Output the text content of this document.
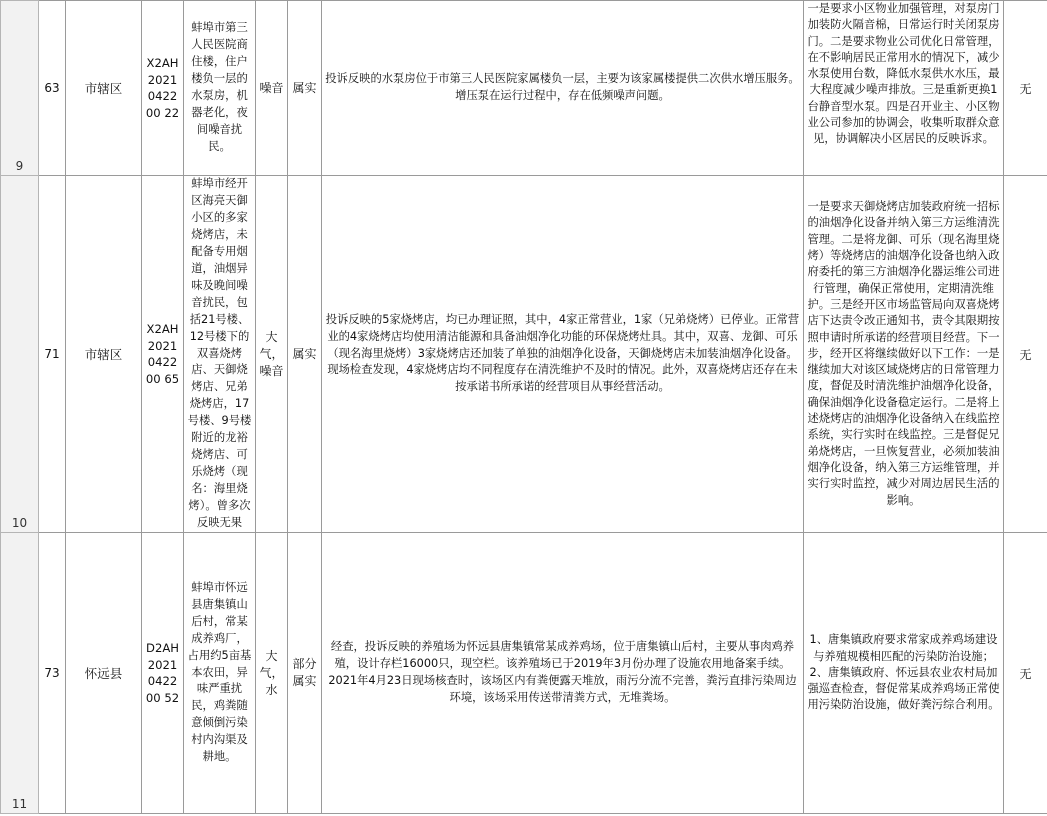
9	63	市辖区	X2AH2021042200 22	蚌埠市第三人民医院商住楼，住户楼负一层的水泵房，机器老化，夜间噪音扰民。	噪音	属实	投诉反映的水泵房位于市第三人民医院家属楼负一层，主要为该家属楼提供二次供水增压服务。增压泵在运行过程中，存在低频噪声问题。	一是要求小区物业加强管理，对泵房门加装防火隔音棉，日常运行时关闭泵房门。二是要求物业公司优化日常管理，在不影响居民正常用水的情况下，减少水泵使用台数，降低水泵供水水压，最大程度减少噪声排放。三是重新更换1台静音型水泵。四是召开业主、小区物业公司参加的协调会，收集听取群众意见，协调解决小区居民的反映诉求。	无
10	71	市辖区	X2AH2021042200 65	蚌埠市经开区海亮天御小区的多家烧烤店，未配备专用烟道，油烟异味及晚间噪音扰民，包括21号楼、12号楼下的双喜烧烤店、天御烧烤店、兄弟烧烤店，17号楼、9号楼附近的龙裕烧烤店、可乐烧烤（现名：海里烧烤）。曾多次反映无果	大气，噪音	属实	投诉反映的5家烧烤店，均已办理证照，其中，4家正常营业，1家（兄弟烧烤）已停业。正常营业的4家烧烤店均使用清洁能源和具备油烟净化功能的环保烧烤灶具。其中，双喜、龙御、可乐（现名海里烧烤）3家烧烤店还加装了单独的油烟净化设备，天御烧烤店未加装油烟净化设备。现场检查发现，4家烧烤店均不同程度存在清洗维护不及时的情况。此外，双喜烧烤店还存在未按承诺书所承诺的经营项目从事经营活动。	一是要求天御烧烤店加装政府统一招标的油烟净化设备并纳入第三方运维清洗管理。二是将龙御、可乐（现名海里烧烤）等烧烤店的油烟净化设备也纳入政府委托的第三方油烟净化器运维公司进行管理，确保正常使用，定期清洗维护。三是经开区市场监管局向双喜烧烤店下达责令改正通知书，责令其限期按照申请时所承诺的经营项目经营。下一步，经开区将继续做好以下工作：一是继续加大对该区域烧烤店的日常管理力度，督促及时清洗维护油烟净化设备，确保油烟净化设备稳定运行。二是将上述烧烤店的油烟净化设备纳入在线监控系统，实行实时在线监控。三是督促兄弟烧烤店，一旦恢复营业，必须加装油烟净化设备，纳入第三方运维管理，并实行实时监控，减少对周边居民生活的影响。	无
11	73	怀远县	D2AH2021042200 52	蚌埠市怀远县唐集镇山后村，常某成养鸡厂，占用约5亩基本农田，异味严重扰民，鸡粪随意倾倒污染村内沟渠及耕地。	大气，水	部分属实	经查，投诉反映的养殖场为怀远县唐集镇常某成养鸡场，位于唐集镇山后村，主要从事肉鸡养殖，设计存栏16000只，现空栏。该养殖场已于2019年3月份办理了设施农用地备案手续。2021年4月23日现场核查时，该场区内有粪便露天堆放，雨污分流不完善，粪污直排污染周边环境，该场采用传送带清粪方式，无堆粪场。	1、唐集镇政府要求常家成养鸡场建设与养殖规模相匹配的污染防治设施；2、唐集镇政府、怀远县农业农村局加强巡查检查，督促常某成养鸡场正常使用污染防治设施，做好粪污综合利用。	无
